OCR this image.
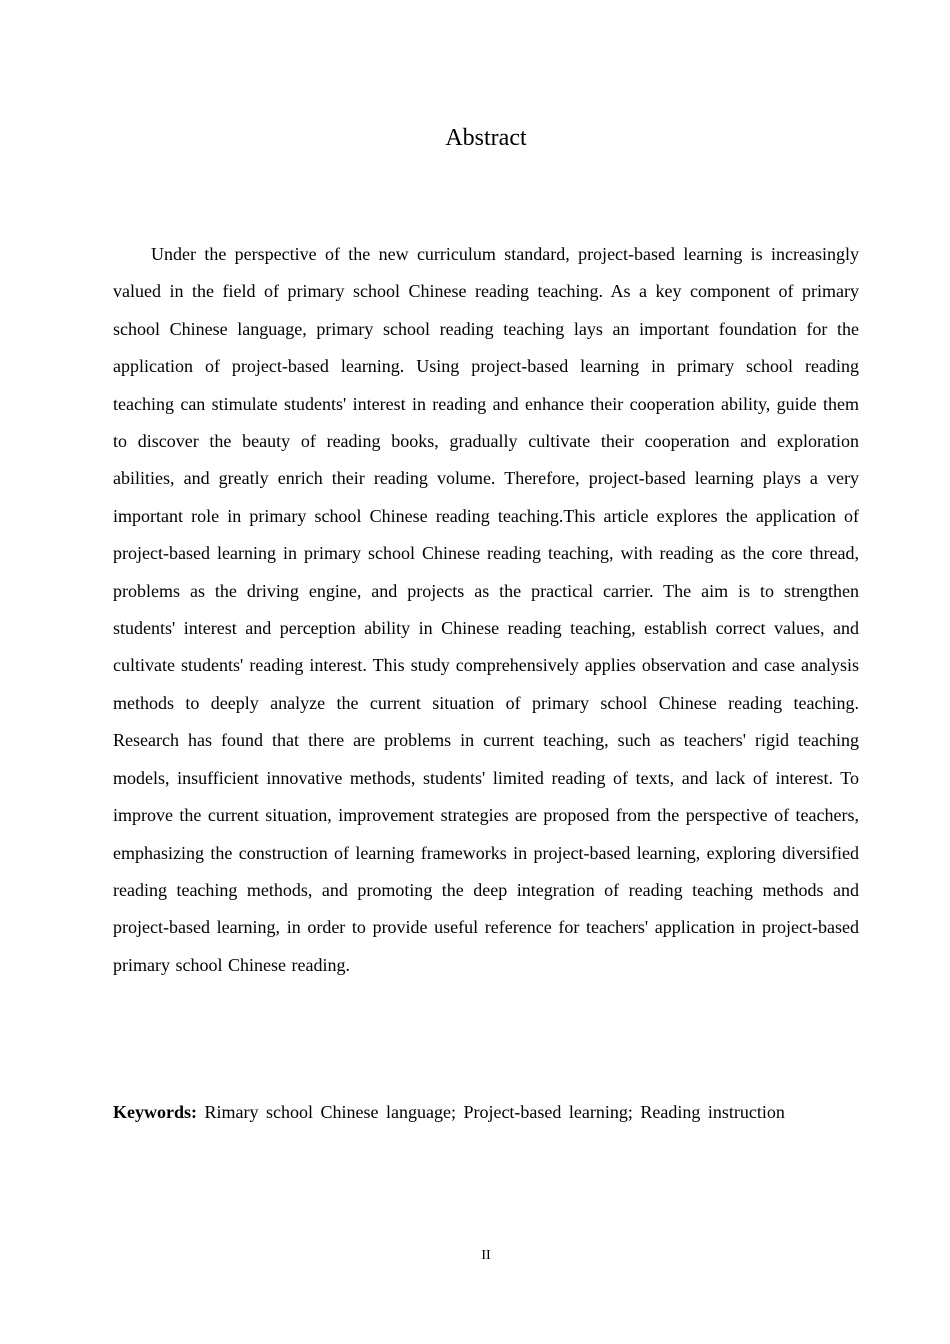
Abstract

Under the perspective of the new curriculum standard, project-based learning is increasingly valued in the field of primary school Chinese reading teaching. As a key component of primary school Chinese language, primary school reading teaching lays an important foundation for the application of project-based learning. Using project-based learning in primary school reading teaching can stimulate students' interest in reading and enhance their cooperation ability, guide them to discover the beauty of reading books, gradually cultivate their cooperation and exploration abilities, and greatly enrich their reading volume. Therefore, project-based learning plays a very important role in primary school Chinese reading teaching.This article explores the application of project-based learning in primary school Chinese reading teaching, with reading as the core thread, problems as the driving engine, and projects as the practical carrier. The aim is to strengthen students' interest and perception ability in Chinese reading teaching, establish correct values, and cultivate students' reading interest. This study comprehensively applies observation and case analysis methods to deeply analyze the current situation of primary school Chinese reading teaching. Research has found that there are problems in current teaching, such as teachers' rigid teaching models, insufficient innovative methods, students' limited reading of texts, and lack of interest. To improve the current situation, improvement strategies are proposed from the perspective of teachers, emphasizing the construction of learning frameworks in project-based learning, exploring diversified reading teaching methods, and promoting the deep integration of reading teaching methods and project-based learning, in order to provide useful reference for teachers' application in project-based primary school Chinese reading.

Keywords: Rimary school Chinese language; Project-based learning; Reading instruction

II
